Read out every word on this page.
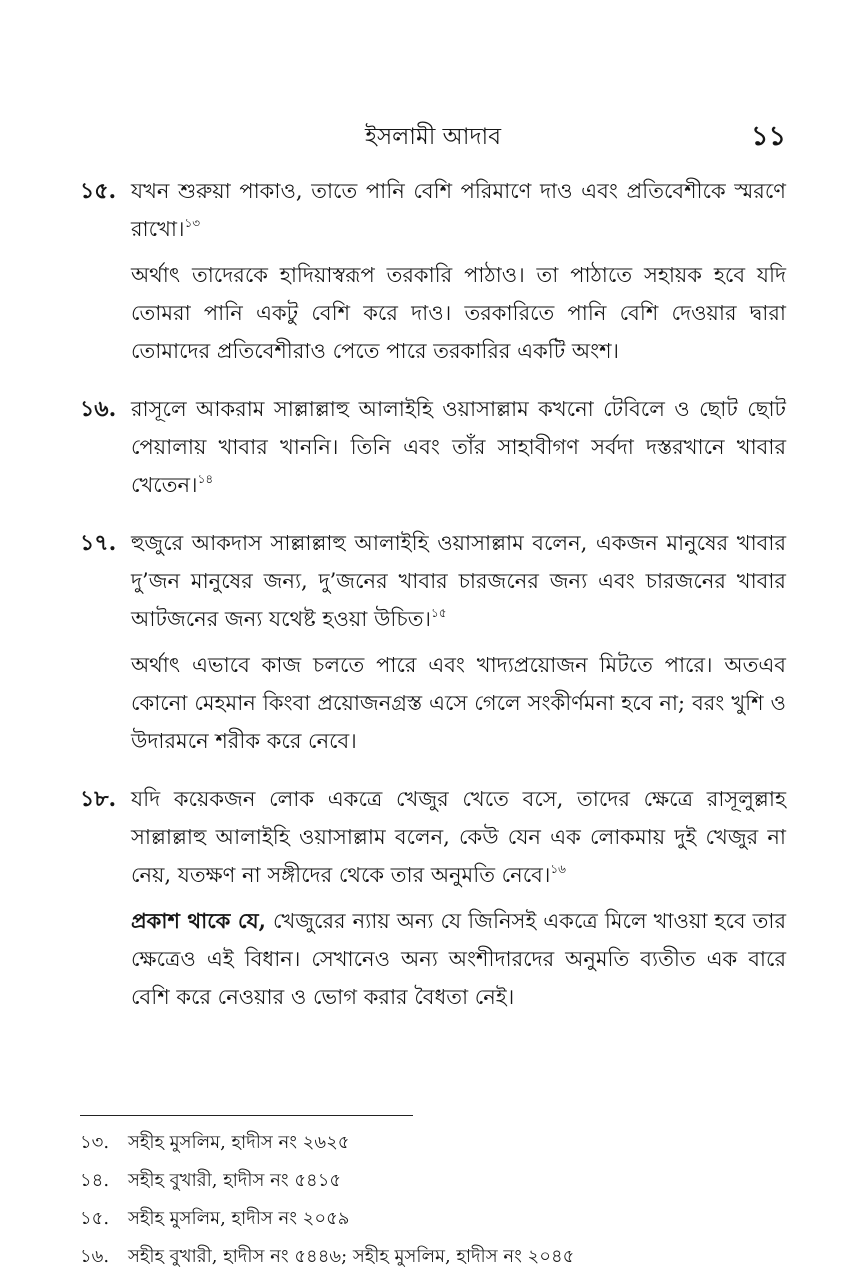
ইসলামী আদাব	১১
১৫. যখন শুরুয়া পাকাও, তাতে পানি বেশি পরিমাণে দাও এবং প্রতিবেশীকে স্মরণে রাখো।$^{১৩}$
অর্থাৎ তাদেরকে হাদিয়াস্বরূপ তরকারি পাঠাও। তা পাঠাতে সহায়ক হবে যদি তোমরা পানি একটু বেশি করে দাও। তরকারিতে পানি বেশি দেওয়ার দ্বারা তোমাদের প্রতিবেশীরাও পেতে পারে তরকারির একটি অংশ।
১৬. রাসূলে আকরাম সাল্লাল্লাহু আলাইহি ওয়াসাল্লাম কখনো টেবিলে ও ছোট ছোট পেয়ালায় খাবার খাননি। তিনি এবং তাঁর সাহাবীগণ সর্বদা দস্তরখানে খাবার খেতেন।$^{১৪}$
১৭. হুজুরে আকদাস সাল্লাল্লাহু আলাইহি ওয়াসাল্লাম বলেন, একজন মানুষের খাবার দু’জন মানুষের জন্য, দু’জনের খাবার চারজনের জন্য এবং চারজনের খাবার আটজনের জন্য যথেষ্ট হওয়া উচিত।$^{১৫}$
অর্থাৎ এভাবে কাজ চলতে পারে এবং খাদ্যপ্রয়োজন মিটতে পারে। অতএব কোনো মেহমান কিংবা প্রয়োজনগ্রস্ত এসে গেলে সংকীর্ণমনা হবে না; বরং খুশি ও উদারমনে শরীক করে নেবে।
১৮. যদি কয়েকজন লোক একত্রে খেজুর খেতে বসে, তাদের ক্ষেত্রে রাসূলুল্লাহ সাল্লাল্লাহু আলাইহি ওয়াসাল্লাম বলেন, কেউ যেন এক লোকমায় দুই খেজুর না নেয়, যতক্ষণ না সঙ্গীদের থেকে তার অনুমতি নেবে।$^{১৬}$
প্রকাশ থাকে যে, খেজুরের ন্যায় অন্য যে জিনিসই একত্রে মিলে খাওয়া হবে তার ক্ষেত্রেও এই বিধান। সেখানেও অন্য অংশীদারদের অনুমতি ব্যতীত এক বারে বেশি করে নেওয়ার ও ভোগ করার বৈধতা নেই।
১৩.	সহীহ মুসলিম, হাদীস নং ২৬২৫
১৪.	সহীহ বুখারী, হাদীস নং ৫৪১৫
১৫.	সহীহ মুসলিম, হাদীস নং ২০৫৯
১৬.	সহীহ বুখারী, হাদীস নং ৫৪৪৬; সহীহ মুসলিম, হাদীস নং ২০৪৫
